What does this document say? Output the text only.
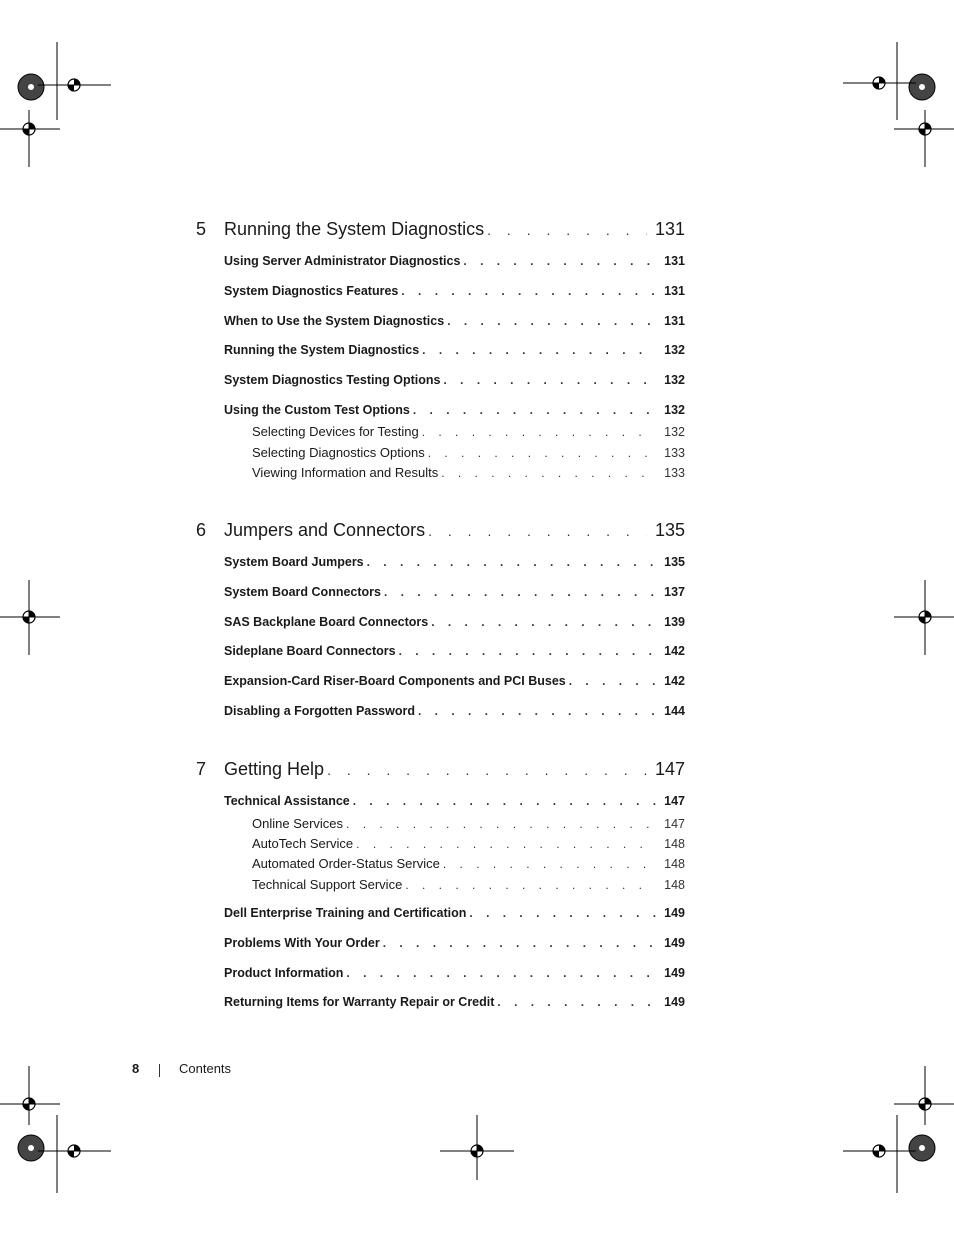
5 Running the System Diagnostics . . .	131
Using Server Administrator Diagnostics . . .	131
System Diagnostics Features . . .	131
When to Use the System Diagnostics . . .	131
Running the System Diagnostics . . .	132
System Diagnostics Testing Options . . .	132
Using the Custom Test Options . . .	132
Selecting Devices for Testing . . .	132
Selecting Diagnostics Options . . .	133
Viewing Information and Results . . .	133
6 Jumpers and Connectors . . .	135
System Board Jumpers . . .	135
System Board Connectors . . .	137
SAS Backplane Board Connectors . . .	139
Sideplane Board Connectors . . .	142
Expansion-Card Riser-Board Components and PCI Buses . . .	142
Disabling a Forgotten Password . . .	144
7 Getting Help . . .	147
Technical Assistance . . .	147
Online Services . . .	147
AutoTech Service . . .	148
Automated Order-Status Service . . .	148
Technical Support Service . . .	148
Dell Enterprise Training and Certification . . .	149
Problems With Your Order . . .	149
Product Information . . .	149
Returning Items for Warranty Repair or Credit . . .	149
8	Contents
